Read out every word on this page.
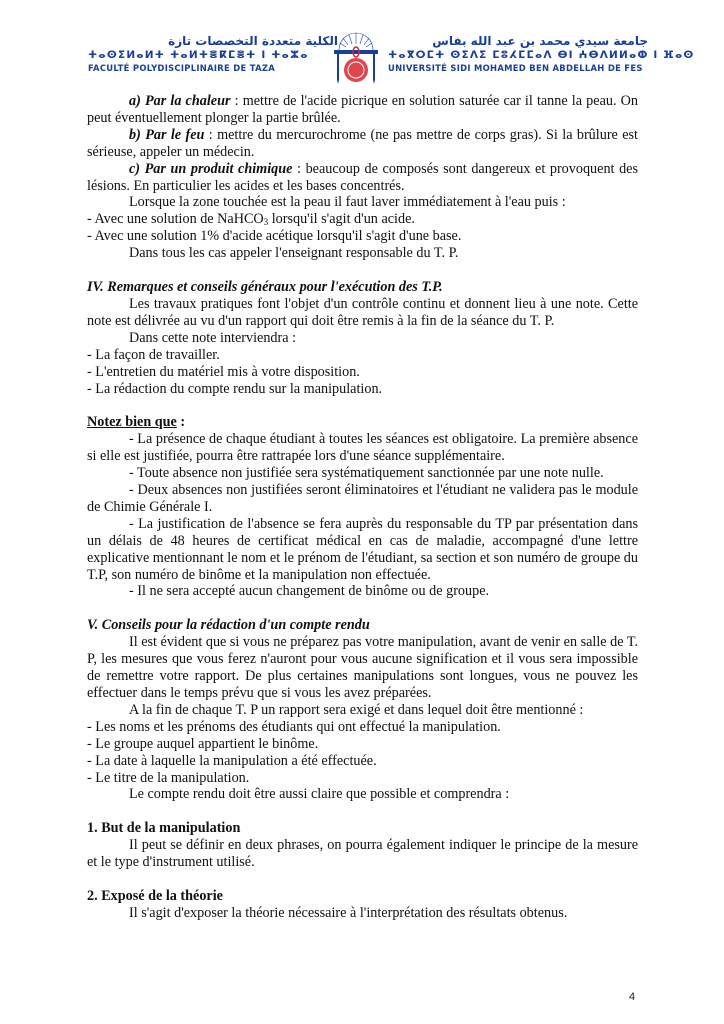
الكلية متعددة التخصصات تازة
ⵜⴰⵙⵉⵍⴰⵍⵜ ⵜⴰⵍⵜⴻⴽⵎⴻⵜ ⵏ ⵜⴰⵣⴰ
FACULTÉ POLYDISCIPLINAIRE DE TAZA
جامعة سيدي محمد بن عبد الله بفاس
ⵜⴰⴳⵔⵎⵜ ⵙⵉⴷⵉ ⵎⵓⵃⵎⵎⴰⴷ ⴱⵏ ⵄⴱⴷⵍⵍⴰⵀ ⵏ ⴼⴰⵙ
UNIVERSITÉ SIDI MOHAMED BEN ABDELLAH DE FES

a) Par la chaleur : mettre de l'acide picrique en solution saturée car il tanne la peau. On peut éventuellement plonger la partie brûlée.

b) Par le feu : mettre du mercurochrome (ne pas mettre de corps gras). Si la brûlure est sérieuse, appeler un médecin.

c) Par un produit chimique : beaucoup de composés sont dangereux et provoquent des lésions. En particulier les acides et les bases concentrés.

Lorsque la zone touchée est la peau il faut laver immédiatement à l'eau puis :

- Avec une solution de NaHCO$_3$ lorsqu'il s'agit d'un acide.

- Avec une solution 1% d'acide acétique lorsqu'il s'agit d'une base.

Dans tous les cas appeler l'enseignant responsable du T. P.

IV. Remarques et conseils généraux pour l'exécution des T.P.

Les travaux pratiques font l'objet d'un contrôle continu et donnent lieu à une note. Cette note est délivrée au vu d'un rapport qui doit être remis à la fin de la séance du T. P.

Dans cette note interviendra :

- La façon de travailler.

- L'entretien du matériel mis à votre disposition.

- La rédaction du compte rendu sur la manipulation.

Notez bien que :

- La présence de chaque étudiant à toutes les séances est obligatoire. La première absence si elle est justifiée, pourra être rattrapée lors d'une séance supplémentaire.

- Toute absence non justifiée sera systématiquement sanctionnée par une note nulle.

- Deux absences non justifiées seront éliminatoires et l'étudiant ne validera pas le module de Chimie Générale I.

- La justification de l'absence se fera auprès du responsable du TP par présentation dans un délais de 48 heures de certificat médical en cas de maladie, accompagné d'une lettre explicative mentionnant le nom et le prénom de l'étudiant, sa section et son numéro de groupe du T.P, son numéro de binôme et la manipulation non effectuée.

- Il ne sera accepté aucun changement de binôme ou de groupe.

V. Conseils pour la rédaction d'un compte rendu

Il est évident que si vous ne préparez pas votre manipulation, avant de venir en salle de T. P, les mesures que vous ferez n'auront pour vous aucune signification et il vous sera impossible de remettre votre rapport. De plus certaines manipulations sont longues, vous ne pouvez les effectuer dans le temps prévu que si vous les avez préparées.

A la fin de chaque T. P un rapport sera exigé et dans lequel doit être mentionné :

- Les noms et les prénoms des étudiants qui ont effectué la manipulation.

- Le groupe auquel appartient le binôme.

- La date à laquelle la manipulation a été effectuée.

- Le titre de la manipulation.

Le compte rendu doit être aussi claire que possible et comprendra :

1. But de la manipulation

Il peut se définir en deux phrases, on pourra également indiquer le principe de la mesure et le type d'instrument utilisé.

2. Exposé de la théorie

Il s'agit d'exposer la théorie nécessaire à l'interprétation des résultats obtenus.

4
